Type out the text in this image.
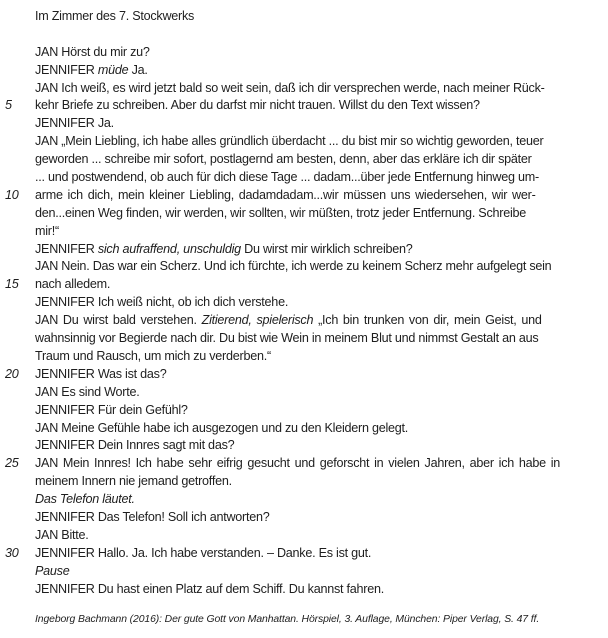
Im Zimmer des 7. Stockwerks
JAN Hörst du mir zu?
JENNIFER müde Ja.
JAN Ich weiß, es wird jetzt bald so weit sein, daß ich dir versprechen werde, nach meiner Rück-
5	kehr Briefe zu schreiben. Aber du darfst mir nicht trauen. Willst du den Text wissen?
JENNIFER Ja.
JAN „Mein Liebling, ich habe alles gründlich überdacht ... du bist mir so wichtig geworden, teuer
geworden ... schreibe mir sofort, postlagernd am besten, denn, aber das erkläre ich dir später
... und postwendend, ob auch für dich diese Tage ... dadam...über jede Entfernung hinweg um-
10	arme ich dich, mein kleiner Liebling, dadamdadam...wir müssen uns wiedersehen, wir wer-
den...einen Weg finden, wir werden, wir sollten, wir müßten, trotz jeder Entfernung. Schreibe
mir!“
JENNIFER sich aufraffend, unschuldig Du wirst mir wirklich schreiben?
JAN Nein. Das war ein Scherz. Und ich fürchte, ich werde zu keinem Scherz mehr aufgelegt sein
15	nach alledem.
JENNIFER Ich weiß nicht, ob ich dich verstehe.
JAN Du wirst bald verstehen. Zitierend, spielerisch „Ich bin trunken von dir, mein Geist, und
wahnsinnig vor Begierde nach dir. Du bist wie Wein in meinem Blut und nimmst Gestalt an aus
Traum und Rausch, um mich zu verderben.“
20	JENNIFER Was ist das?
JAN Es sind Worte.
JENNIFER Für dein Gefühl?
JAN Meine Gefühle habe ich ausgezogen und zu den Kleidern gelegt.
JENNIFER Dein Innres sagt mit das?
25	JAN Mein Innres! Ich habe sehr eifrig gesucht und geforscht in vielen Jahren, aber ich habe in
meinem Innern nie jemand getroffen.
Das Telefon läutet.
JENNIFER Das Telefon! Soll ich antworten?
JAN Bitte.
30	JENNIFER Hallo. Ja. Ich habe verstanden. – Danke. Es ist gut.
Pause
JENNIFER Du hast einen Platz auf dem Schiff. Du kannst fahren.
Ingeborg Bachmann (2016): Der gute Gott von Manhattan. Hörspiel, 3. Auflage, München: Piper Verlag, S. 47 ff.
